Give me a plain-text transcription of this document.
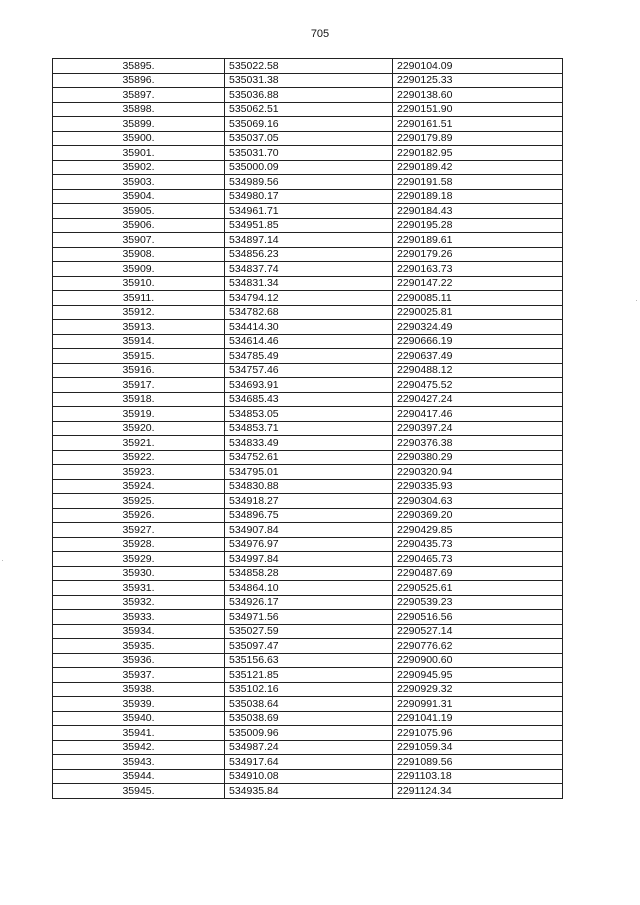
705
35895.	535022.58	2290104.09
35896.	535031.38	2290125.33
35897.	535036.88	2290138.60
35898.	535062.51	2290151.90
35899.	535069.16	2290161.51
35900.	535037.05	2290179.89
35901.	535031.70	2290182.95
35902.	535000.09	2290189.42
35903.	534989.56	2290191.58
35904.	534980.17	2290189.18
35905.	534961.71	2290184.43
35906.	534951.85	2290195.28
35907.	534897.14	2290189.61
35908.	534856.23	2290179.26
35909.	534837.74	2290163.73
35910.	534831.34	2290147.22
35911.	534794.12	2290085.11
35912.	534782.68	2290025.81
35913.	534414.30	2290324.49
35914.	534614.46	2290666.19
35915.	534785.49	2290637.49
35916.	534757.46	2290488.12
35917.	534693.91	2290475.52
35918.	534685.43	2290427.24
35919.	534853.05	2290417.46
35920.	534853.71	2290397.24
35921.	534833.49	2290376.38
35922.	534752.61	2290380.29
35923.	534795.01	2290320.94
35924.	534830.88	2290335.93
35925.	534918.27	2290304.63
35926.	534896.75	2290369.20
35927.	534907.84	2290429.85
35928.	534976.97	2290435.73
35929.	534997.84	2290465.73
35930.	534858.28	2290487.69
35931.	534864.10	2290525.61
35932.	534926.17	2290539.23
35933.	534971.56	2290516.56
35934.	535027.59	2290527.14
35935.	535097.47	2290776.62
35936.	535156.63	2290900.60
35937.	535121.85	2290945.95
35938.	535102.16	2290929.32
35939.	535038.64	2290991.31
35940.	535038.69	2291041.19
35941.	535009.96	2291075.96
35942.	534987.24	2291059.34
35943.	534917.64	2291089.56
35944.	534910.08	2291103.18
35945.	534935.84	2291124.34
